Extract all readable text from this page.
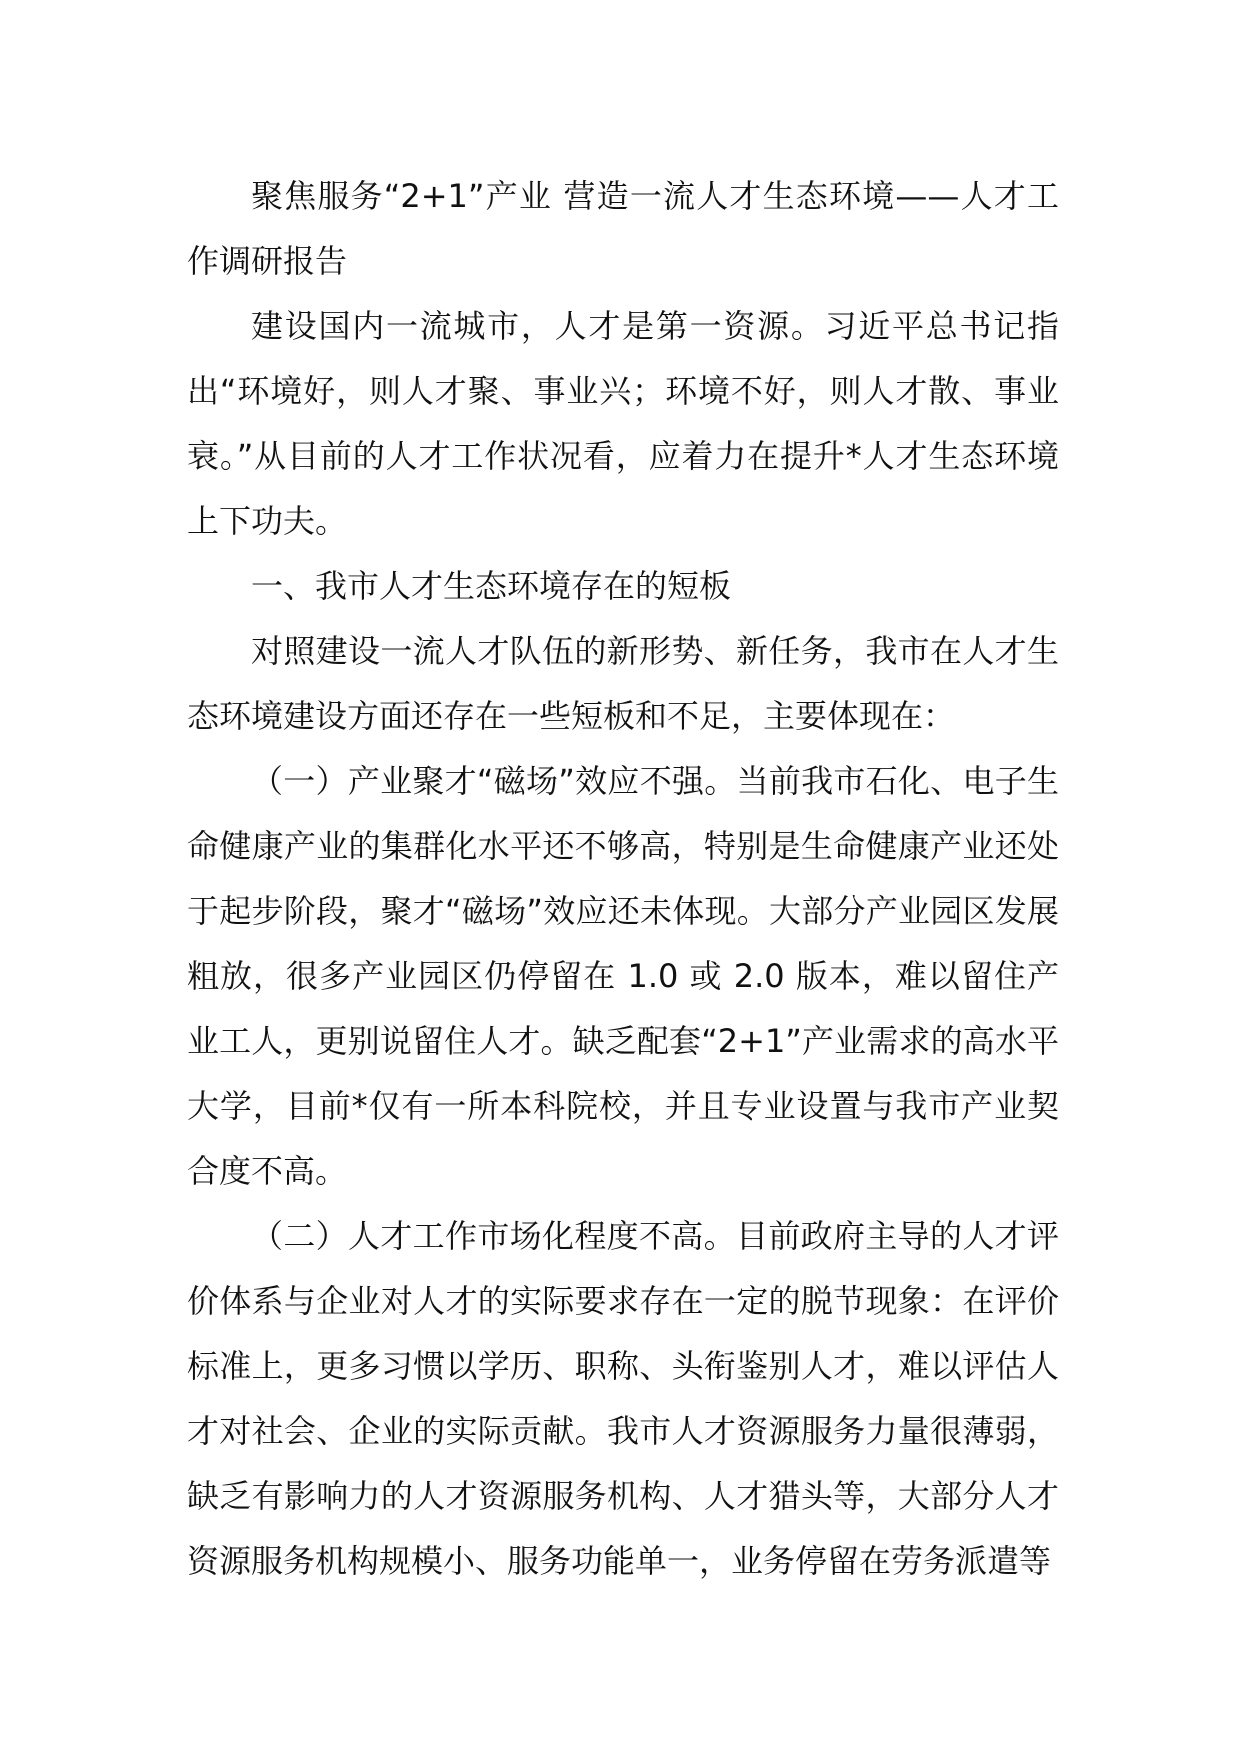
聚焦服务“2+1”产业 营造一流人才生态环境——人才工作调研报告

建设国内一流城市，人才是第一资源。习近平总书记指出“环境好，则人才聚、事业兴；环境不好，则人才散、事业衰。”从目前的人才工作状况看，应着力在提升*人才生态环境上下功夫。

一、我市人才生态环境存在的短板

对照建设一流人才队伍的新形势、新任务，我市在人才生态环境建设方面还存在一些短板和不足，主要体现在：

（一）产业聚才“磁场”效应不强。当前我市石化、电子生命健康产业的集群化水平还不够高，特别是生命健康产业还处于起步阶段，聚才“磁场”效应还未体现。大部分产业园区发展粗放，很多产业园区仍停留在 1.0 或 2.0 版本，难以留住产业工人，更别说留住人才。缺乏配套“2+1”产业需求的高水平大学，目前*仅有一所本科院校，并且专业设置与我市产业契合度不高。

（二）人才工作市场化程度不高。目前政府主导的人才评价体系与企业对人才的实际要求存在一定的脱节现象：在评价标准上，更多习惯以学历、职称、头衔鉴别人才，难以评估人才对社会、企业的实际贡献。我市人才资源服务力量很薄弱，缺乏有影响力的人才资源服务机构、人才猎头等，大部分人才资源服务机构规模小、服务功能单一，业务停留在劳务派遣等
